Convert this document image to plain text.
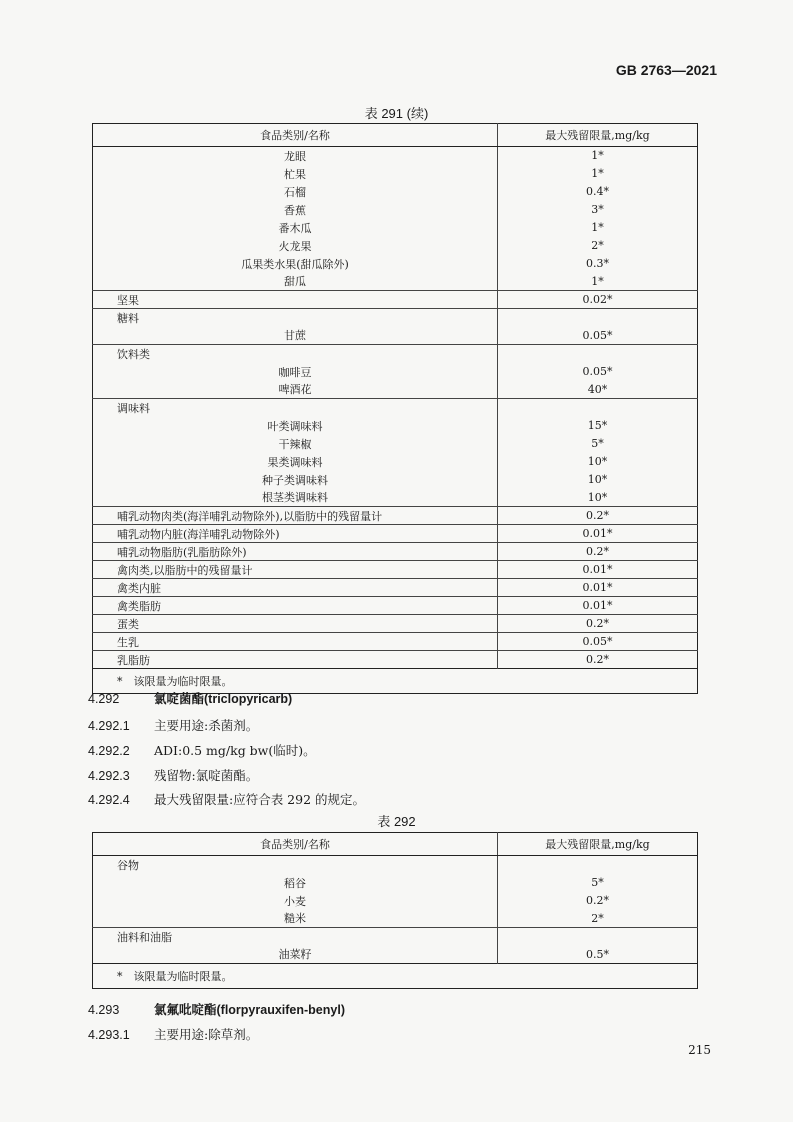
GB 2763—2021
表 291 (续)
食品类别/名称	最大残留限量,mg/kg
龙眼	1*
杧果	1*
石榴	0.4*
香蕉	3*
番木瓜	1*
火龙果	2*
瓜果类水果(甜瓜除外)	0.3*
甜瓜	1*
坚果	0.02*
糖料	
甘蔗	0.05*
饮料类	
咖啡豆	0.05*
啤酒花	40*
调味料	
叶类调味料	15*
干辣椒	5*
果类调味料	10*
种子类调味料	10*
根茎类调味料	10*
哺乳动物肉类(海洋哺乳动物除外),以脂肪中的残留量计	0.2*
哺乳动物内脏(海洋哺乳动物除外)	0.01*
哺乳动物脂肪(乳脂肪除外)	0.2*
禽肉类,以脂肪中的残留量计	0.01*
禽类内脏	0.01*
禽类脂肪	0.01*
蛋类	0.2*
生乳	0.05*
乳脂肪	0.2*
*　该限量为临时限量。	
4.292	氯啶菌酯(triclopyricarb)
4.292.1 主要用途:杀菌剂。
4.292.2 ADI:0.5 mg/kg bw(临时)。
4.292.3 残留物:氯啶菌酯。
4.292.4 最大残留限量:应符合表 292 的规定。
表 292
食品类别/名称	最大残留限量,mg/kg
谷物	
稻谷	5*
小麦	0.2*
糙米	2*
油料和油脂	
油菜籽	0.5*
*　该限量为临时限量。	
4.293	氯氟吡啶酯(florpyrauxifen-benyl)
4.293.1 主要用途:除草剂。
215
